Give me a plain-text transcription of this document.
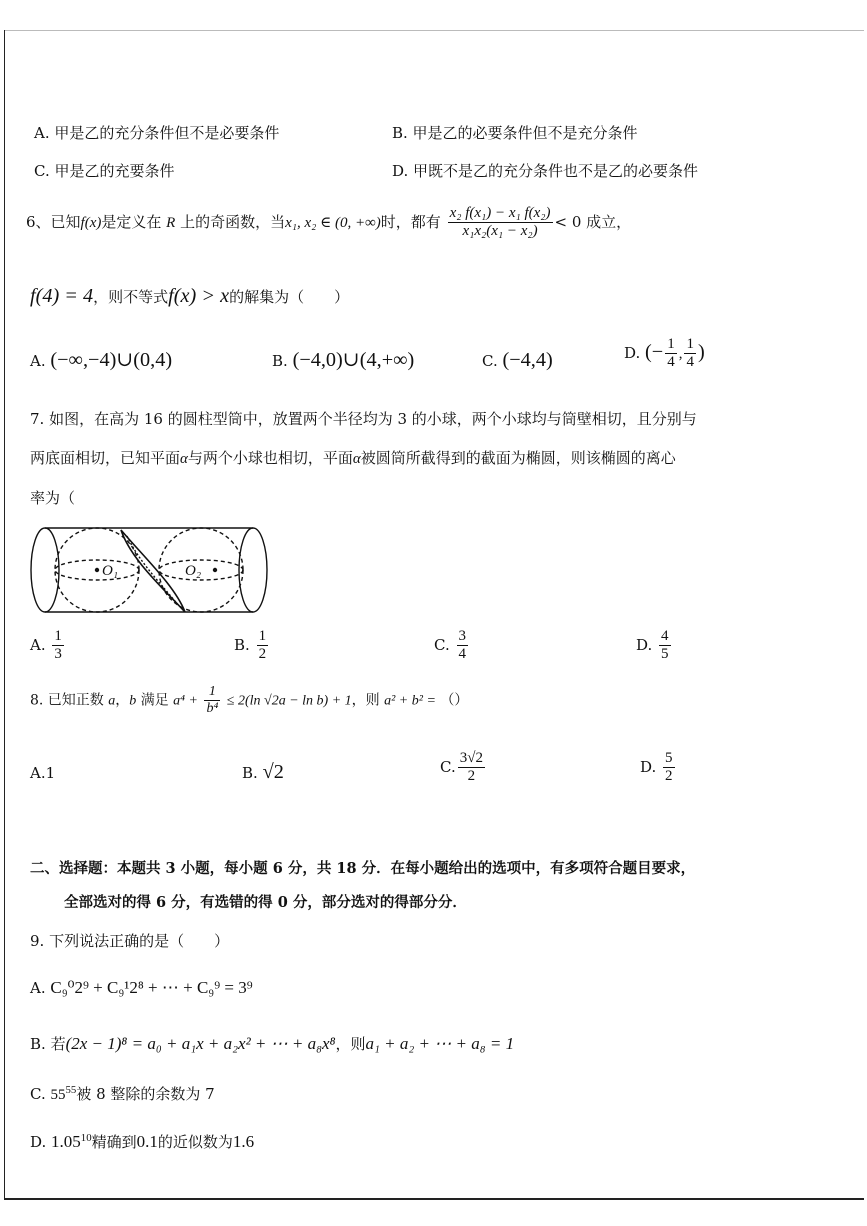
A. 甲是乙的充分条件但不是必要条件	B. 甲是乙的必要条件但不是充分条件
C. 甲是乙的充要条件	D. 甲既不是乙的充分条件也不是乙的必要条件
6、已知f(x)是定义在 R 上的奇函数，当x₁, x₂ ∈ (0, +∞)时，都有 $\frac{\text{x₂ f(x₁) − x₁ f(x₂)}}{\text{x₁x₂(x₁ − x₂)}} < 0$ 成立，
f(4) = 4，则不等式f(x) > x的解集为（　　）
A. (−∞,−4)∪(0,4)	B. (−4,0)∪(4,+∞)	C. (−4,4)	D. (− $\frac{1}{4}$ , $\frac{1}{4}$ )
7. 如图，在高为 16 的圆柱型筒中，放置两个半径均为 3 的小球，两个小球均与筒壁相切，且分别与
两底面相切，已知平面α与两个小球也相切，平面α被圆筒所截得到的截面为椭圆，则该椭圆的离心
率为（
O₁	O₂
A. $\frac{1}{3}$	B. $\frac{1}{2}$	C. $\frac{3}{4}$	D. $\frac{4}{5}$
8. 已知正数 a，b 满足 $a^4 + \frac{1}{\text{b⁴}} \le 2(\ln$ √2a − ln b) + 1，则 a² + b² = （）
A.1	B. √2	C. $\frac{3√2}{2}$	D. $\frac{5}{2}$
二、选择题：本题共 3 小题，每小题 6 分，共 18 分．在每小题给出的选项中，有多项符合题目要求，
全部选对的得 6 分，有选错的得 0 分，部分选对的得部分分．
9. 下列说法正确的是（　　）
A. C₉⁰2⁹ + C₉¹2⁸ + ⋯ + C₉⁹ = 3⁹
B. 若(2x − 1)⁸ = a₀ + a₁x + a₂x² + ⋯ + a₈x⁸，则a₁ + a₂ + ⋯ + a₈ = 1
C. $55^{55}$被 8 整除的余数为 7
D. 1.05$^{10}$精确到0.1的近似数为1.6
